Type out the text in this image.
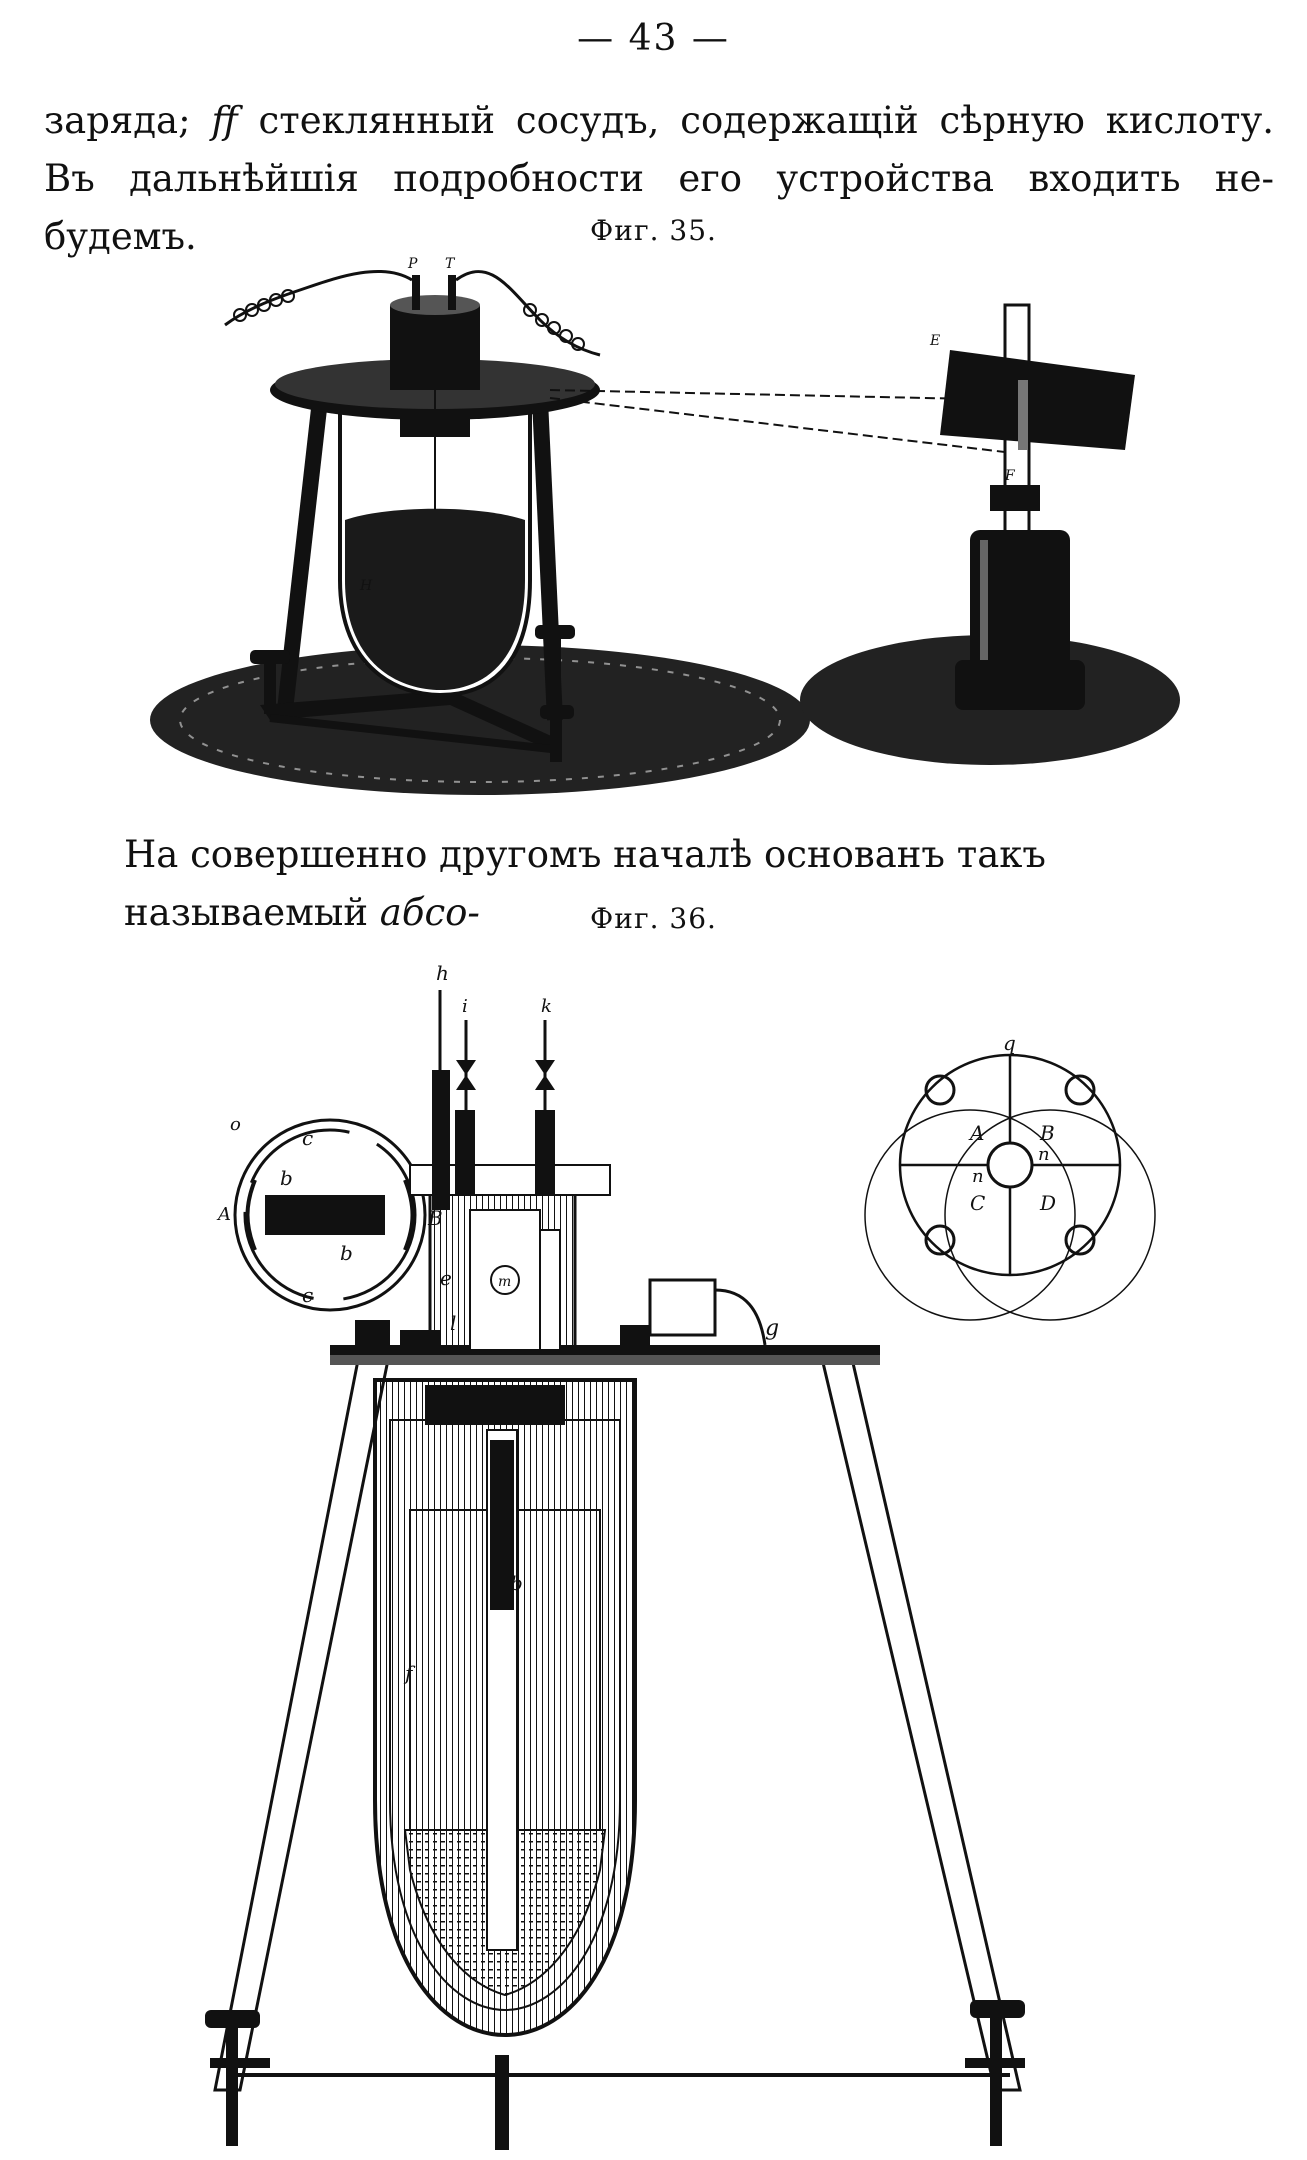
— 43 —
заряда; ff стеклянный сосудъ, содержащiй сѣрную кислоту. Въ дальнѣйшiя подробности его устройства входить не-будемъ.	Фиг. 35.
P T
E
F
H
На совершенно другомъ началѣ основанъ такъ называемый абсо-	Фиг. 36.
c
c
b
b
A
o
q
A	B
C	D
n
n
h
i	k
l	g
m
f
b
